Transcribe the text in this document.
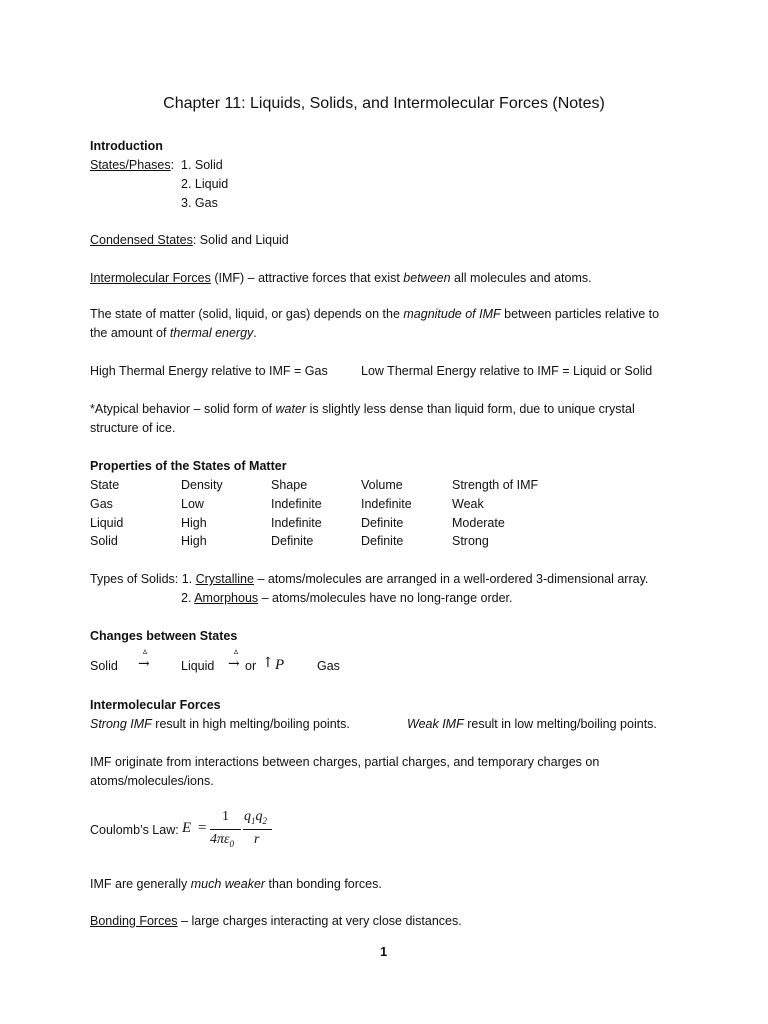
Chapter 11: Liquids, Solids, and Intermolecular Forces (Notes)
Introduction
States/Phases: 1. Solid
2. Liquid
3. Gas
Condensed States: Solid and Liquid
Intermolecular Forces (IMF) – attractive forces that exist between all molecules and atoms.
The state of matter (solid, liquid, or gas) depends on the magnitude of IMF between particles relative to
the amount of thermal energy.
High Thermal Energy relative to IMF = Gas	Low Thermal Energy relative to IMF = Liquid or Solid
*Atypical behavior – solid form of water is slightly less dense than liquid form, due to unique crystal
structure of ice.
Properties of the States of Matter
State	Density	Shape	Volume	Strength of IMF
Gas	Low	Indefinite	Indefinite	Weak
Liquid	High	Indefinite	Definite	Moderate
Solid	High	Definite	Definite	Strong
Types of Solids: 1. Crystalline – atoms/molecules are arranged in a well-ordered 3-dimensional array.
2. Amorphous – atoms/molecules have no long-range order.
Changes between States
Δ	Δ
Solid →	Liquid → or ↑ P	Gas
Intermolecular Forces
Strong IMF result in high melting/boiling points.	Weak IMF result in low melting/boiling points.
IMF originate from interactions between charges, partial charges, and temporary charges on
atoms/molecules/ions.
Coulomb’s Law: E =
1
$4\pi\varepsilon_0$
$q_1q_2$
r
IMF are generally much weaker than bonding forces.
Bonding Forces – large charges interacting at very close distances.
1
